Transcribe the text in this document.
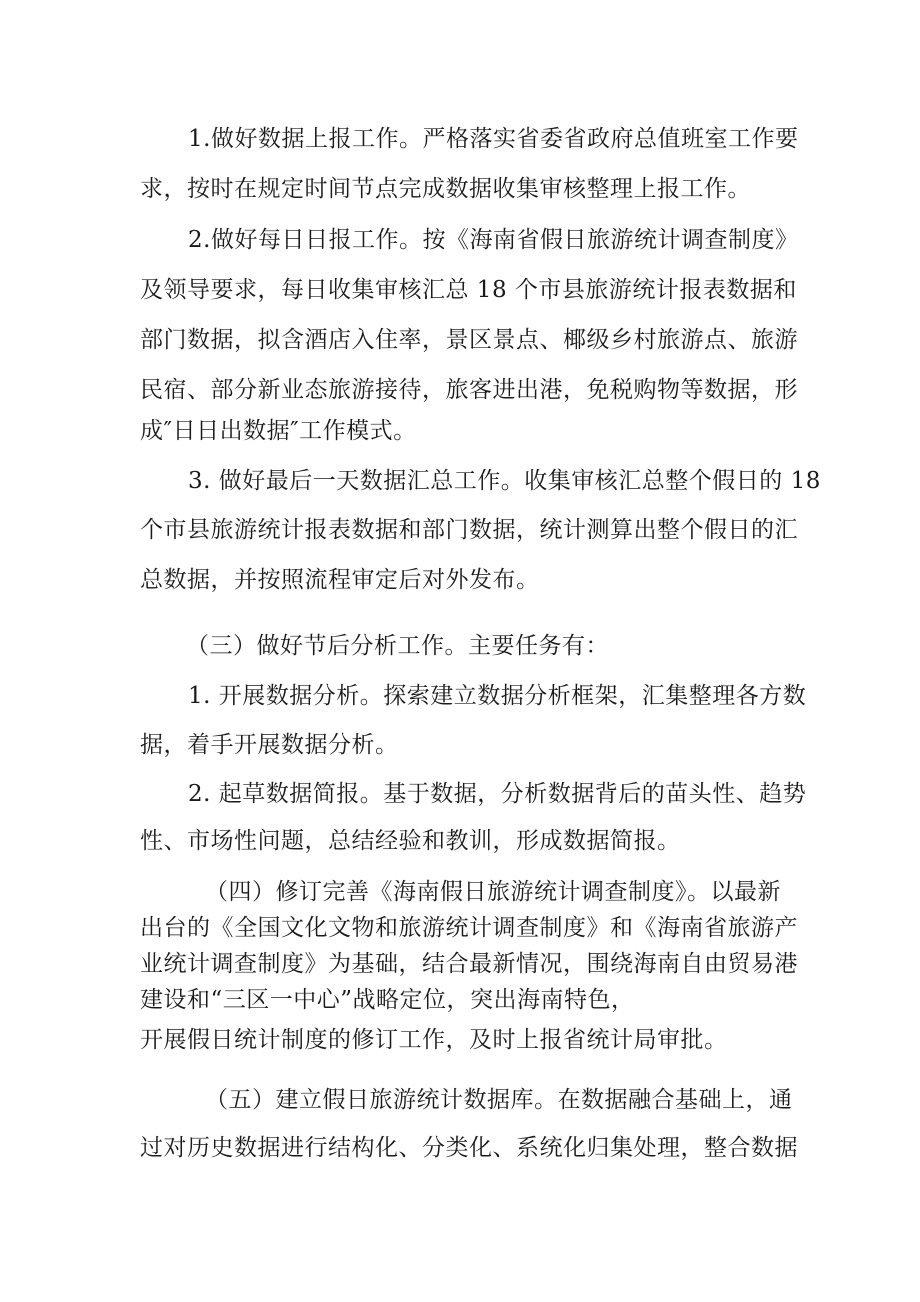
1.做好数据上报工作。严格落实省委省政府总值班室工作要
求，按时在规定时间节点完成数据收集审核整理上报工作。
2.做好每日日报工作。按《海南省假日旅游统计调查制度》
及领导要求，每日收集审核汇总 18 个市县旅游统计报表数据和
部门数据，拟含酒店入住率，景区景点、椰级乡村旅游点、旅游
民宿、部分新业态旅游接待，旅客进出港，免税购物等数据，形
成″日日出数据″工作模式。
3. 做好最后一天数据汇总工作。收集审核汇总整个假日的 18
个市县旅游统计报表数据和部门数据，统计测算出整个假日的汇
总数据，并按照流程审定后对外发布。
（三）做好节后分析工作。主要任务有：
1. 开展数据分析。探索建立数据分析框架，汇集整理各方数
据，着手开展数据分析。
2. 起草数据简报。基于数据，分析数据背后的苗头性、趋势
性、市场性问题，总结经验和教训，形成数据简报。
（四）修订完善《海南假日旅游统计调查制度》。以最新
出台的《全国文化文物和旅游统计调查制度》和《海南省旅游产
业统计调查制度》为基础，结合最新情况，围绕海南自由贸易港
建设和“三区一中心”战略定位，突出海南特色，
开展假日统计制度的修订工作，及时上报省统计局审批。
（五）建立假日旅游统计数据库。在数据融合基础上，通
过对历史数据进行结构化、分类化、系统化归集处理，整合数据
